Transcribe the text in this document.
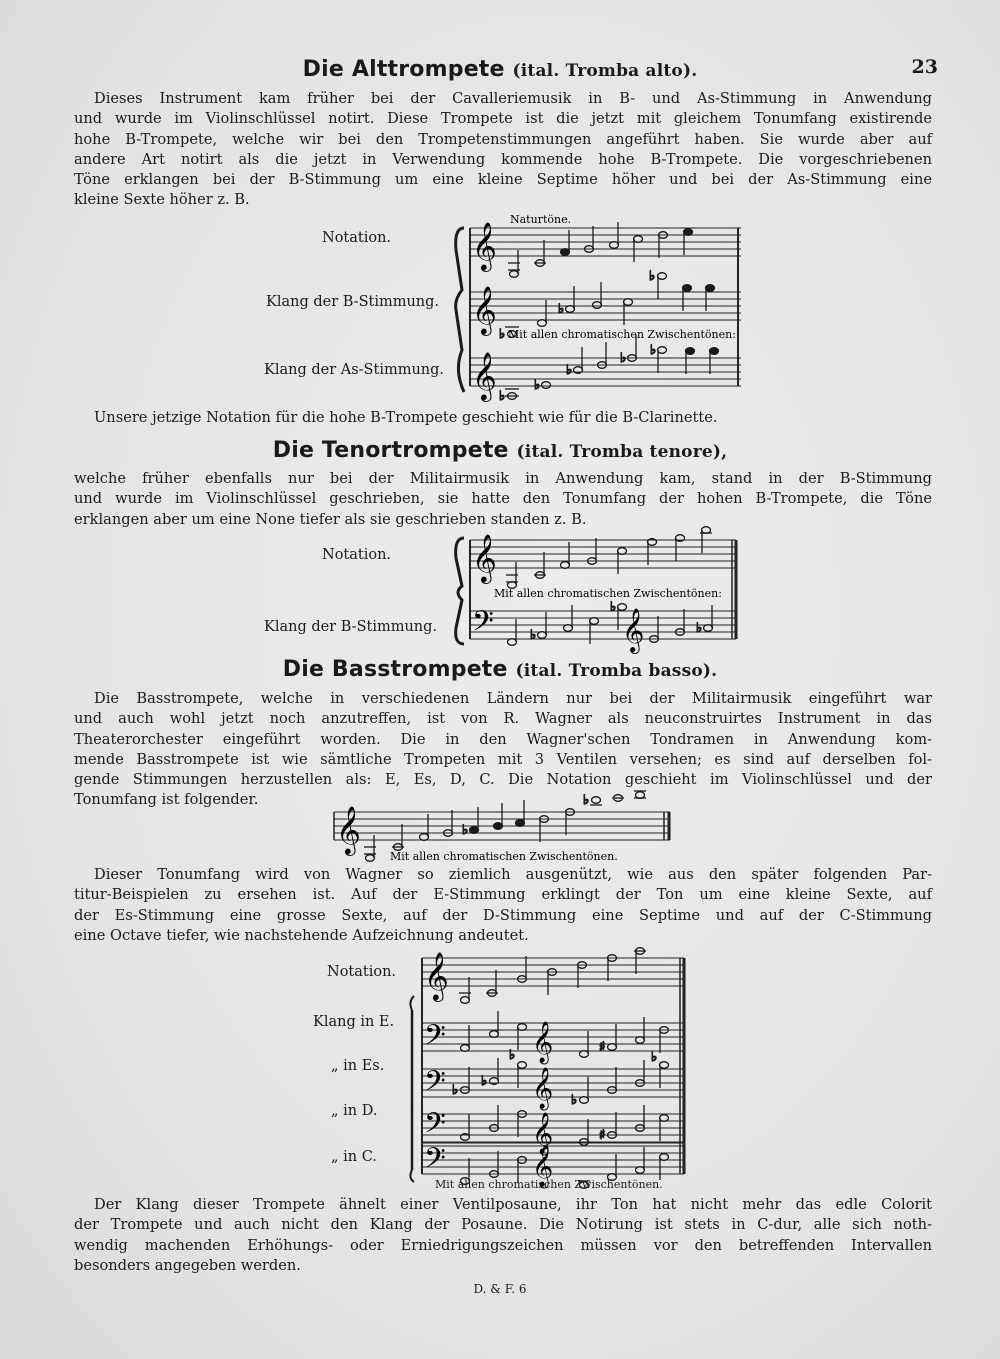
23
Die Alttrompete (ital. Tromba alto).
Dieses Instrument kam früher bei der Cavalleriemusik in B- und As-Stimmung in Anwendung
und wurde im Violinschlüssel notirt. Diese Trompete ist die jetzt mit gleichem Tonumfang existirende
hohe B-Trompete, welche wir bei den Trompetenstimmungen angeführt haben. Sie wurde aber auf
andere Art notirt als die jetzt in Verwendung kommende hohe B-Trompete. Die vorgeschriebenen
Töne erklangen bei der B-Stimmung um eine kleine Septime höher und bei der As-Stimmung eine
kleine Sexte höher z. B.
Notation.
Klang der B-Stimmung.
Klang der As-Stimmung.
Naturtöne.
𝄞
𝄞
𝄞
♭
♭
♭
♭
♭
♭
♭
♭
Mit allen chromatischen Zwischentönen:
Unsere jetzige Notation für die hohe B-Trompete geschieht wie für die B-Clarinette.
Die Tenortrompete (ital. Tromba tenore),
welche früher ebenfalls nur bei der Militairmusik in Anwendung kam, stand in der B-Stimmung
und wurde im Violinschlüssel geschrieben, sie hatte den Tonumfang der hohen B-Trompete, die Töne
erklangen aber um eine None tiefer als sie geschrieben standen z. B.
Notation.
Klang der B-Stimmung.
𝄞
𝄢	𝄞
♭
♭
♭
Mit allen chromatischen Zwischentönen:
Die Basstrompete (ital. Tromba basso).
Die Basstrompete, welche in verschiedenen Ländern nur bei der Militairmusik eingeführt war
und auch wohl jetzt noch anzutreffen, ist von R. Wagner als neuconstruirtes Instrument in das
Theaterorchester eingeführt worden. Die in den Wagner'schen Tondramen in Anwendung kom-
mende Basstrompete ist wie sämtliche Trompeten mit 3 Ventilen versehen; es sind auf derselben fol-
gende Stimmungen herzustellen als: E, Es, D, C. Die Notation geschieht im Violinschlüssel und der
Tonumfang ist folgender.
𝄞	♭
♭
Mit allen chromatischen Zwischentönen.
Dieser Tonumfang wird von Wagner so ziemlich ausgenützt, wie aus den später folgenden Par-
titur-Beispielen zu ersehen ist. Auf der E-Stimmung erklingt der Ton um eine kleine Sexte, auf
der Es-Stimmung eine grosse Sexte, auf der D-Stimmung eine Septime und auf der C-Stimmung
eine Octave tiefer, wie nachstehende Aufzeichnung andeutet.
Notation.
Klang in E.
„ in Es.
„ in D.
„ in C.
𝄞
𝄢
𝄢
𝄢
𝄢
𝄞
𝄞
𝄞
𝄞
♯
♭
♭
♭
♭
♭
♯
Mit allen chromatischen Zwischentönen.
Der Klang dieser Trompete ähnelt einer Ventilposaune, ihr Ton hat nicht mehr das edle Colorit
der Trompete und auch nicht den Klang der Posaune. Die Notirung ist stets in C-dur, alle sich noth-
wendig machenden Erhöhungs- oder Erniedrigungszeichen müssen vor den betreffenden Intervallen
besonders angegeben werden.
D. & F. 6
